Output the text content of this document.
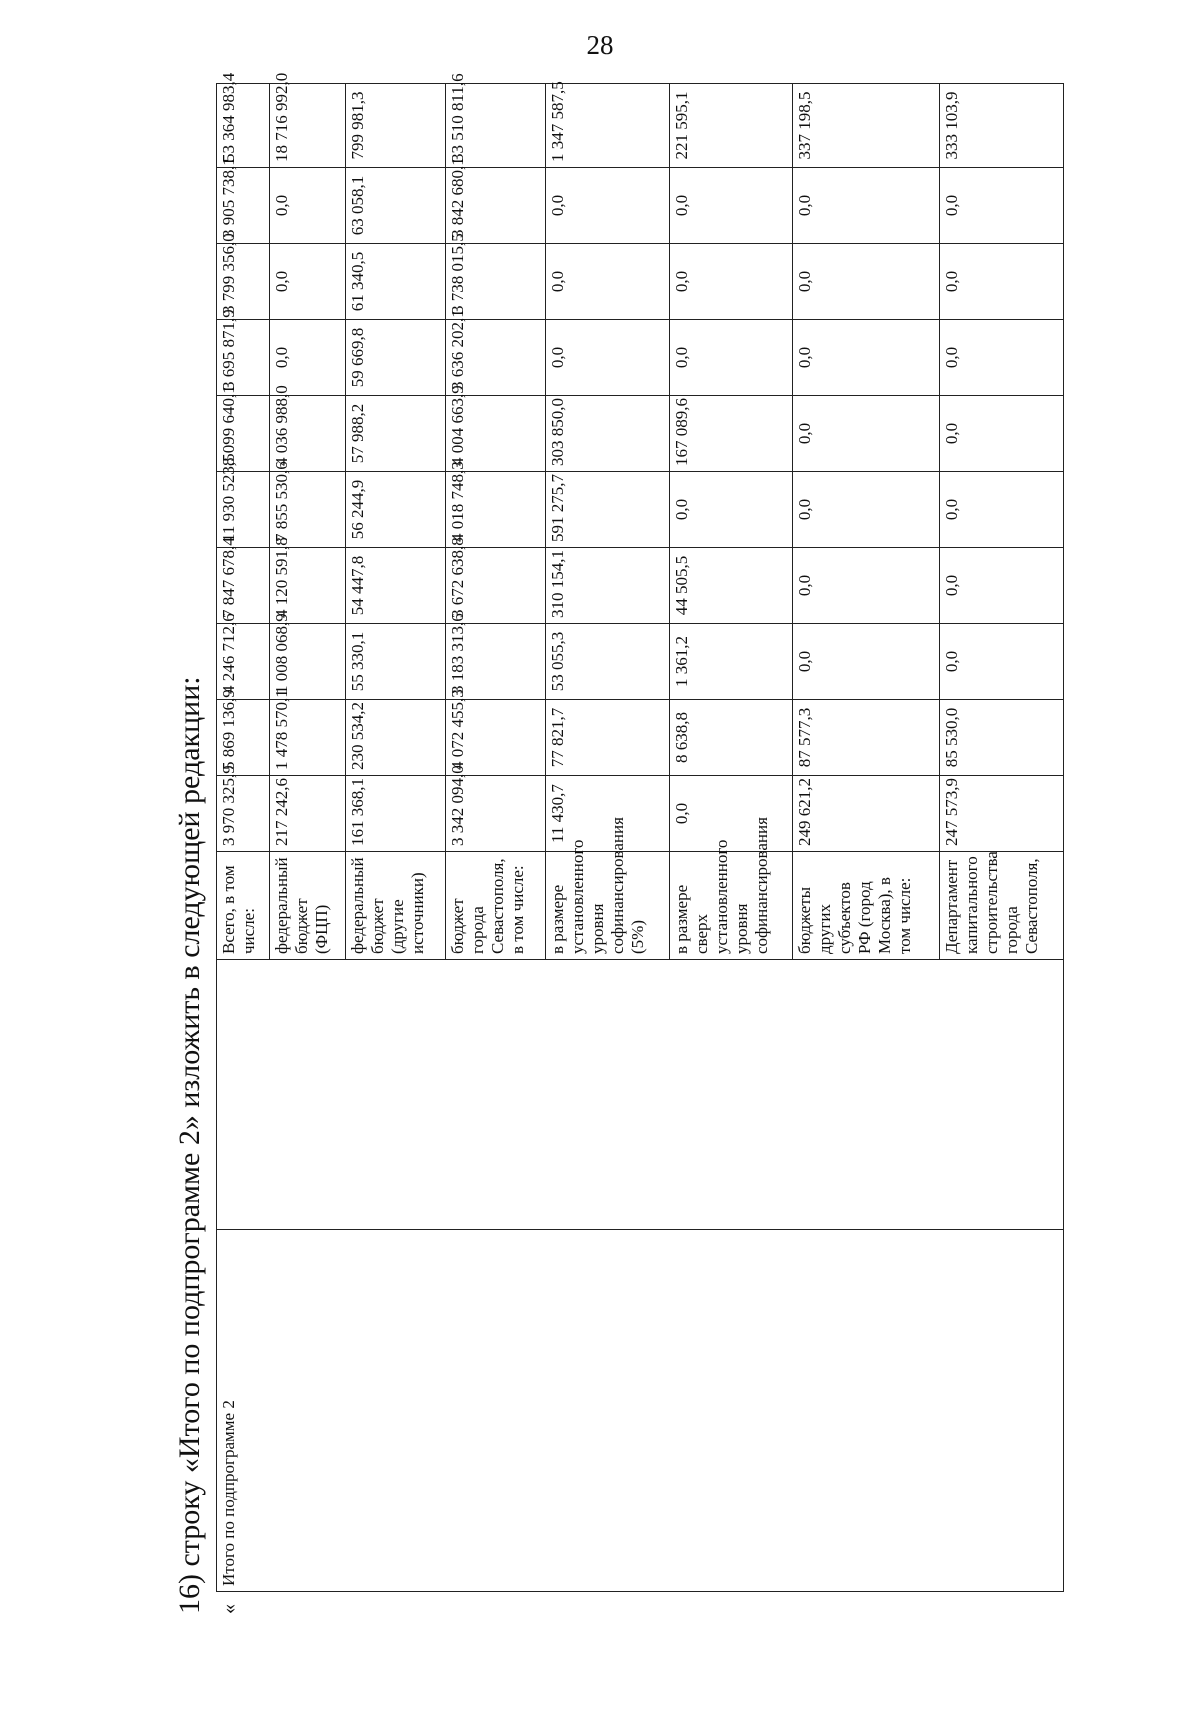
28
16) строку «Итого по подпрограмме 2» изложить в следующей редакции: «
Итого по подпрограмме 2		Всего, в том числе:	3 970 325,9	5 869 136,9	4 246 712,6	7 847 678,4	11 930 523,5	8 099 640,1	3 695 871,9	3 799 356,0	3 905 738,1	53 364 983,4
		федеральный бюджет (ФЦП)	217 242,6	1 478 570,1	1 008 068,9	4 120 591,8	7 855 530,6	4 036 988,0	0,0	0,0	0,0	18 716 992,0
		федеральный бюджет (другие источники)	161 368,1	230 534,2	55 330,1	54 447,8	56 244,9	57 988,2	59 669,8	61 340,5	63 058,1	799 981,3
		бюджет города Севастополя, в том числе:	3 342 094,0	4 072 455,3	3 183 313,6	3 672 638,8	4 018 748,3	4 004 663,9	3 636 202,1	3 738 015,5	3 842 680,1	33 510 811,6
		в размере установленного уровня софинансирования (5%)	11 430,7	77 821,7	53 055,3	310 154,1	591 275,7	303 850,0	0,0	0,0	0,0	1 347 587,5
		в размере сверх установленного уровня софинансирования	0,0	8 638,8	1 361,2	44 505,5	0,0	167 089,6	0,0	0,0	0,0	221 595,1
		бюджеты других субъектов РФ (город Москва), в том числе:	249 621,2	87 577,3	0,0	0,0	0,0	0,0	0,0	0,0	0,0	337 198,5
		Департамент капитального строительства города Севастополя,	247 573,9	85 530,0	0,0	0,0	0,0	0,0	0,0	0,0	0,0	333 103,9
